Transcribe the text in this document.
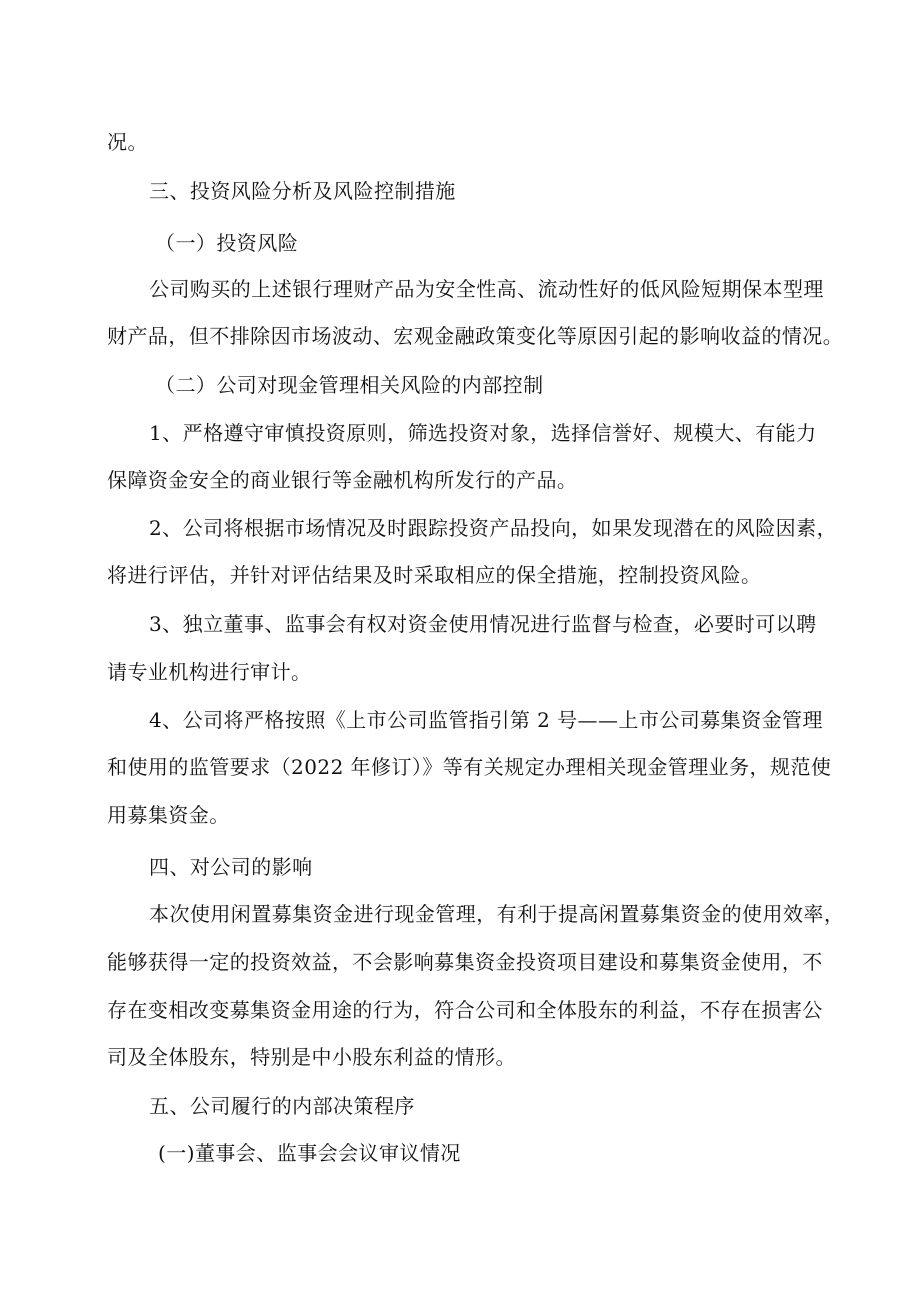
况。
三、投资风险分析及风险控制措施
（一）投资风险
公司购买的上述银行理财产品为安全性高、流动性好的低风险短期保本型理
财产品，但不排除因市场波动、宏观金融政策变化等原因引起的影响收益的情况。
（二）公司对现金管理相关风险的内部控制
1、严格遵守审慎投资原则，筛选投资对象，选择信誉好、规模大、有能力
保障资金安全的商业银行等金融机构所发行的产品。
2、公司将根据市场情况及时跟踪投资产品投向，如果发现潜在的风险因素，
将进行评估，并针对评估结果及时采取相应的保全措施，控制投资风险。
3、独立董事、监事会有权对资金使用情况进行监督与检查，必要时可以聘
请专业机构进行审计。
4、公司将严格按照《上市公司监管指引第 2 号——上市公司募集资金管理
和使用的监管要求（2022 年修订）》等有关规定办理相关现金管理业务，规范使
用募集资金。
四、对公司的影响
本次使用闲置募集资金进行现金管理，有利于提高闲置募集资金的使用效率，
能够获得一定的投资效益，不会影响募集资金投资项目建设和募集资金使用，不
存在变相改变募集资金用途的行为，符合公司和全体股东的利益，不存在损害公
司及全体股东，特别是中小股东利益的情形。
五、公司履行的内部决策程序
(一)董事会、监事会会议审议情况
